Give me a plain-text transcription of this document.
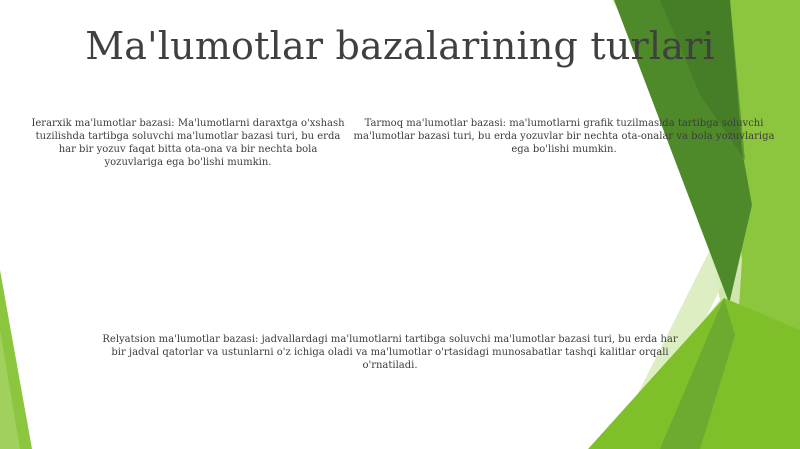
Ma'lumotlar bazalarining turlari

Ierarxik ma'lumotlar bazasi: Ma'lumotlarni daraxtga o'xshash tuzilishda tartibga soluvchi ma'lumotlar bazasi turi, bu erda har bir yozuv faqat bitta ota-ona va bir nechta bola yozuvlariga ega bo'lishi mumkin.

Tarmoq ma'lumotlar bazasi: ma'lumotlarni grafik tuzilmasida tartibga soluvchi ma'lumotlar bazasi turi, bu erda yozuvlar bir nechta ota-onalar va bola yozuvlariga ega bo'lishi mumkin.

Relyatsion ma'lumotlar bazasi: jadvallardagi ma'lumotlarni tartibga soluvchi ma'lumotlar bazasi turi, bu erda har bir jadval qatorlar va ustunlarni o'z ichiga oladi va ma'lumotlar o'rtasidagi munosabatlar tashqi kalitlar orqali o'rnatiladi.
